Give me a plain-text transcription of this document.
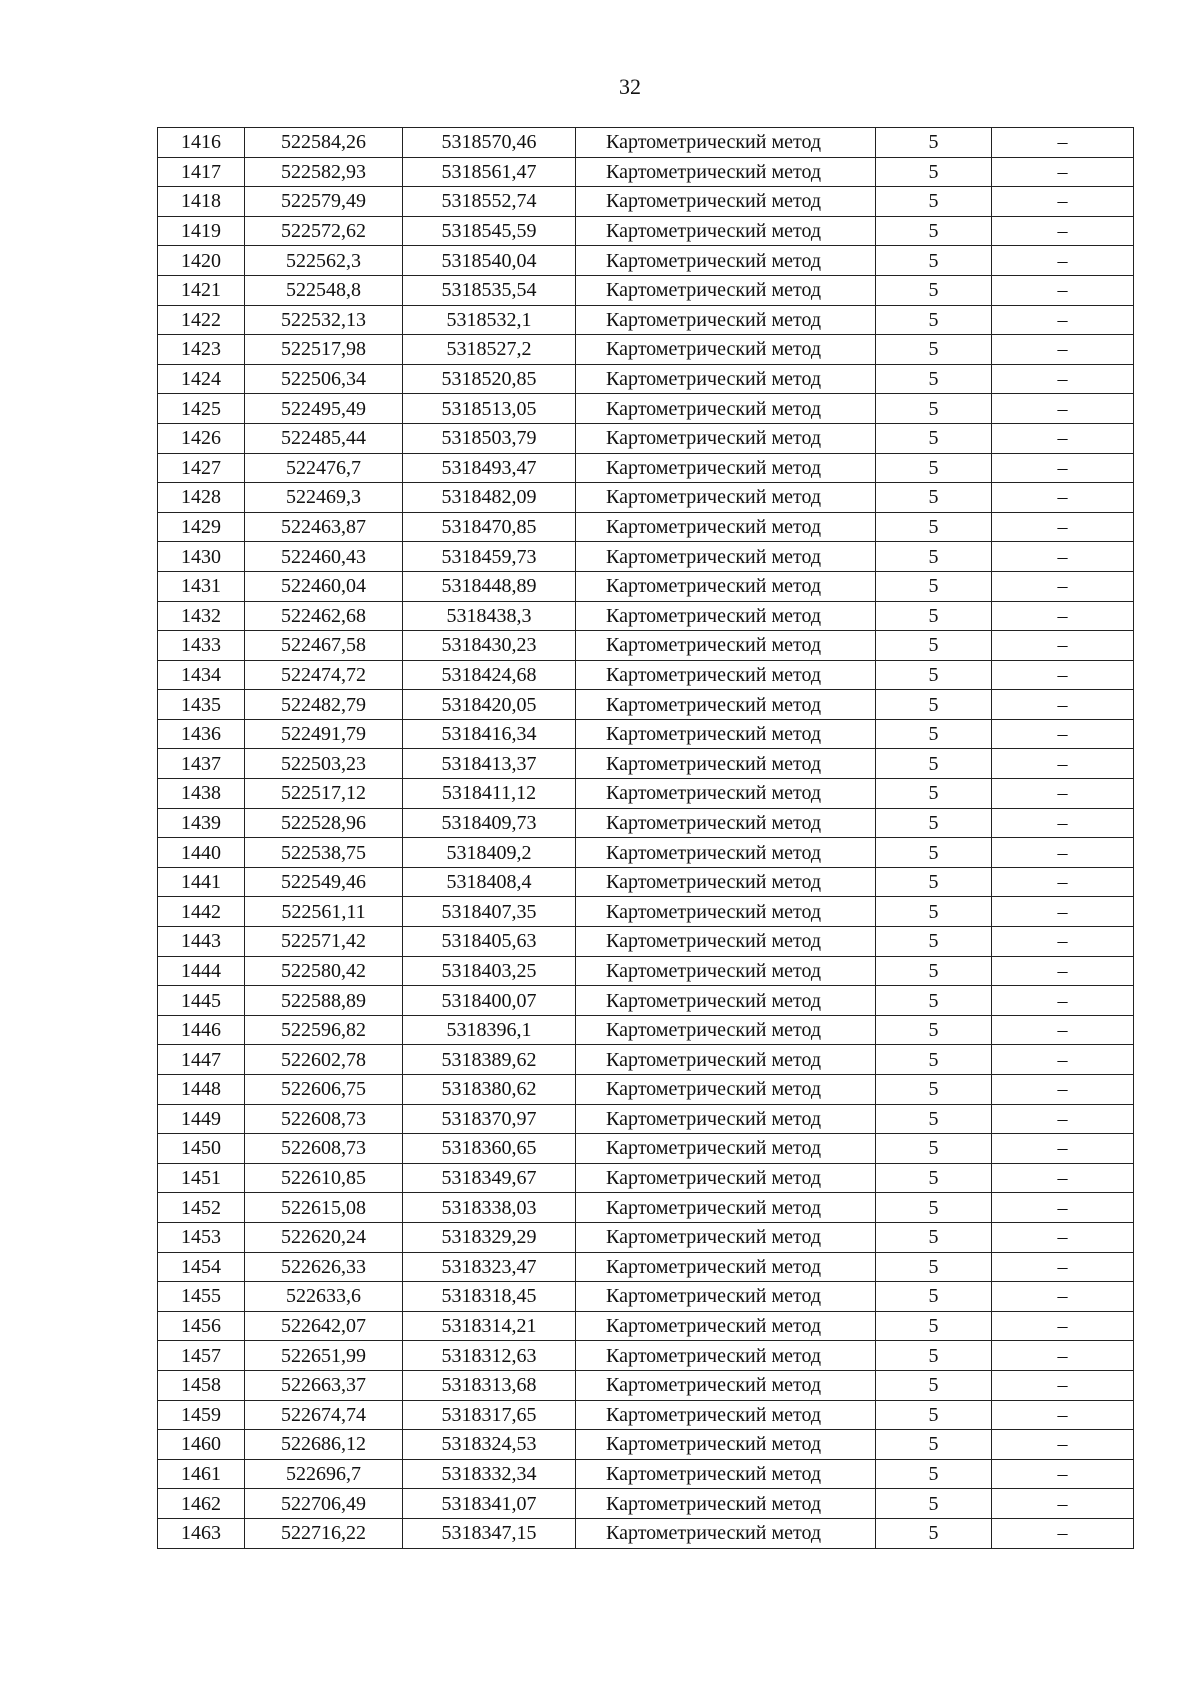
32
1416	522584,26	5318570,46	Картометрический метод	5	–
1417	522582,93	5318561,47	Картометрический метод	5	–
1418	522579,49	5318552,74	Картометрический метод	5	–
1419	522572,62	5318545,59	Картометрический метод	5	–
1420	522562,3	5318540,04	Картометрический метод	5	–
1421	522548,8	5318535,54	Картометрический метод	5	–
1422	522532,13	5318532,1	Картометрический метод	5	–
1423	522517,98	5318527,2	Картометрический метод	5	–
1424	522506,34	5318520,85	Картометрический метод	5	–
1425	522495,49	5318513,05	Картометрический метод	5	–
1426	522485,44	5318503,79	Картометрический метод	5	–
1427	522476,7	5318493,47	Картометрический метод	5	–
1428	522469,3	5318482,09	Картометрический метод	5	–
1429	522463,87	5318470,85	Картометрический метод	5	–
1430	522460,43	5318459,73	Картометрический метод	5	–
1431	522460,04	5318448,89	Картометрический метод	5	–
1432	522462,68	5318438,3	Картометрический метод	5	–
1433	522467,58	5318430,23	Картометрический метод	5	–
1434	522474,72	5318424,68	Картометрический метод	5	–
1435	522482,79	5318420,05	Картометрический метод	5	–
1436	522491,79	5318416,34	Картометрический метод	5	–
1437	522503,23	5318413,37	Картометрический метод	5	–
1438	522517,12	5318411,12	Картометрический метод	5	–
1439	522528,96	5318409,73	Картометрический метод	5	–
1440	522538,75	5318409,2	Картометрический метод	5	–
1441	522549,46	5318408,4	Картометрический метод	5	–
1442	522561,11	5318407,35	Картометрический метод	5	–
1443	522571,42	5318405,63	Картометрический метод	5	–
1444	522580,42	5318403,25	Картометрический метод	5	–
1445	522588,89	5318400,07	Картометрический метод	5	–
1446	522596,82	5318396,1	Картометрический метод	5	–
1447	522602,78	5318389,62	Картометрический метод	5	–
1448	522606,75	5318380,62	Картометрический метод	5	–
1449	522608,73	5318370,97	Картометрический метод	5	–
1450	522608,73	5318360,65	Картометрический метод	5	–
1451	522610,85	5318349,67	Картометрический метод	5	–
1452	522615,08	5318338,03	Картометрический метод	5	–
1453	522620,24	5318329,29	Картометрический метод	5	–
1454	522626,33	5318323,47	Картометрический метод	5	–
1455	522633,6	5318318,45	Картометрический метод	5	–
1456	522642,07	5318314,21	Картометрический метод	5	–
1457	522651,99	5318312,63	Картометрический метод	5	–
1458	522663,37	5318313,68	Картометрический метод	5	–
1459	522674,74	5318317,65	Картометрический метод	5	–
1460	522686,12	5318324,53	Картометрический метод	5	–
1461	522696,7	5318332,34	Картометрический метод	5	–
1462	522706,49	5318341,07	Картометрический метод	5	–
1463	522716,22	5318347,15	Картометрический метод	5	–
